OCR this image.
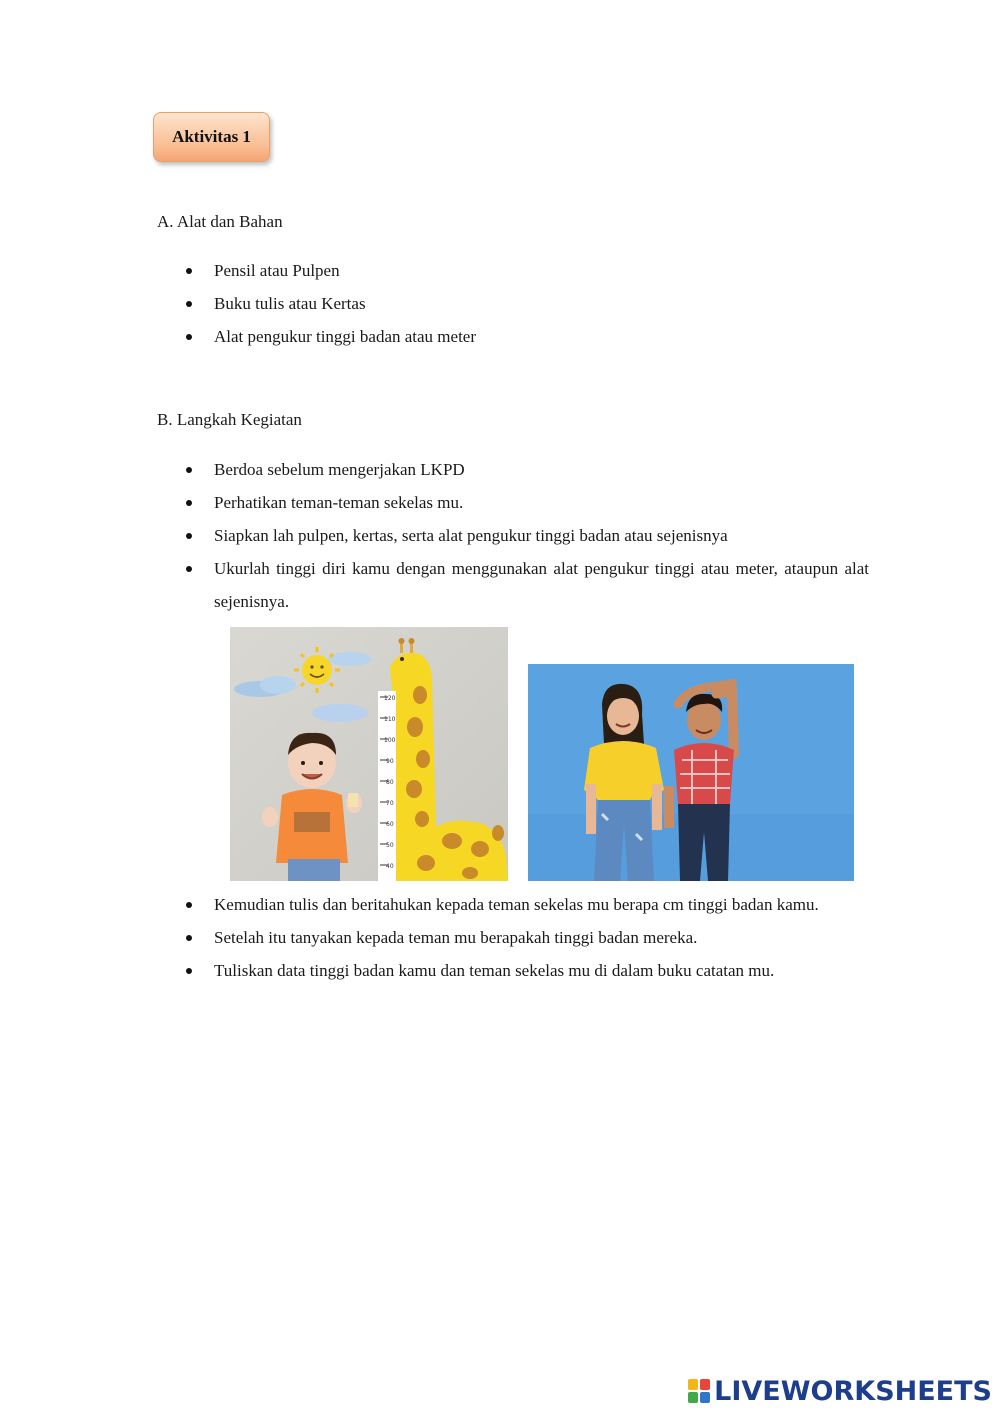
Aktivitas 1
A. Alat dan Bahan
Pensil atau Pulpen
Buku tulis atau Kertas
Alat pengukur tinggi badan atau meter
B. Langkah Kegiatan
Berdoa sebelum mengerjakan LKPD
Perhatikan teman-teman sekelas mu.
Siapkan lah pulpen, kertas, serta alat pengukur tinggi badan atau sejenisnya
Ukurlah tinggi diri kamu dengan menggunakan alat pengukur tinggi atau meter, ataupun alat sejenisnya.
120
110
100
90
80
70
60
50
40
Kemudian tulis dan beritahukan kepada teman sekelas mu berapa cm tinggi badan kamu.
Setelah itu tanyakan kepada teman mu berapakah tinggi badan mereka.
Tuliskan data tinggi badan kamu dan teman sekelas mu di dalam buku catatan mu.
LIVEWORKSHEETS
